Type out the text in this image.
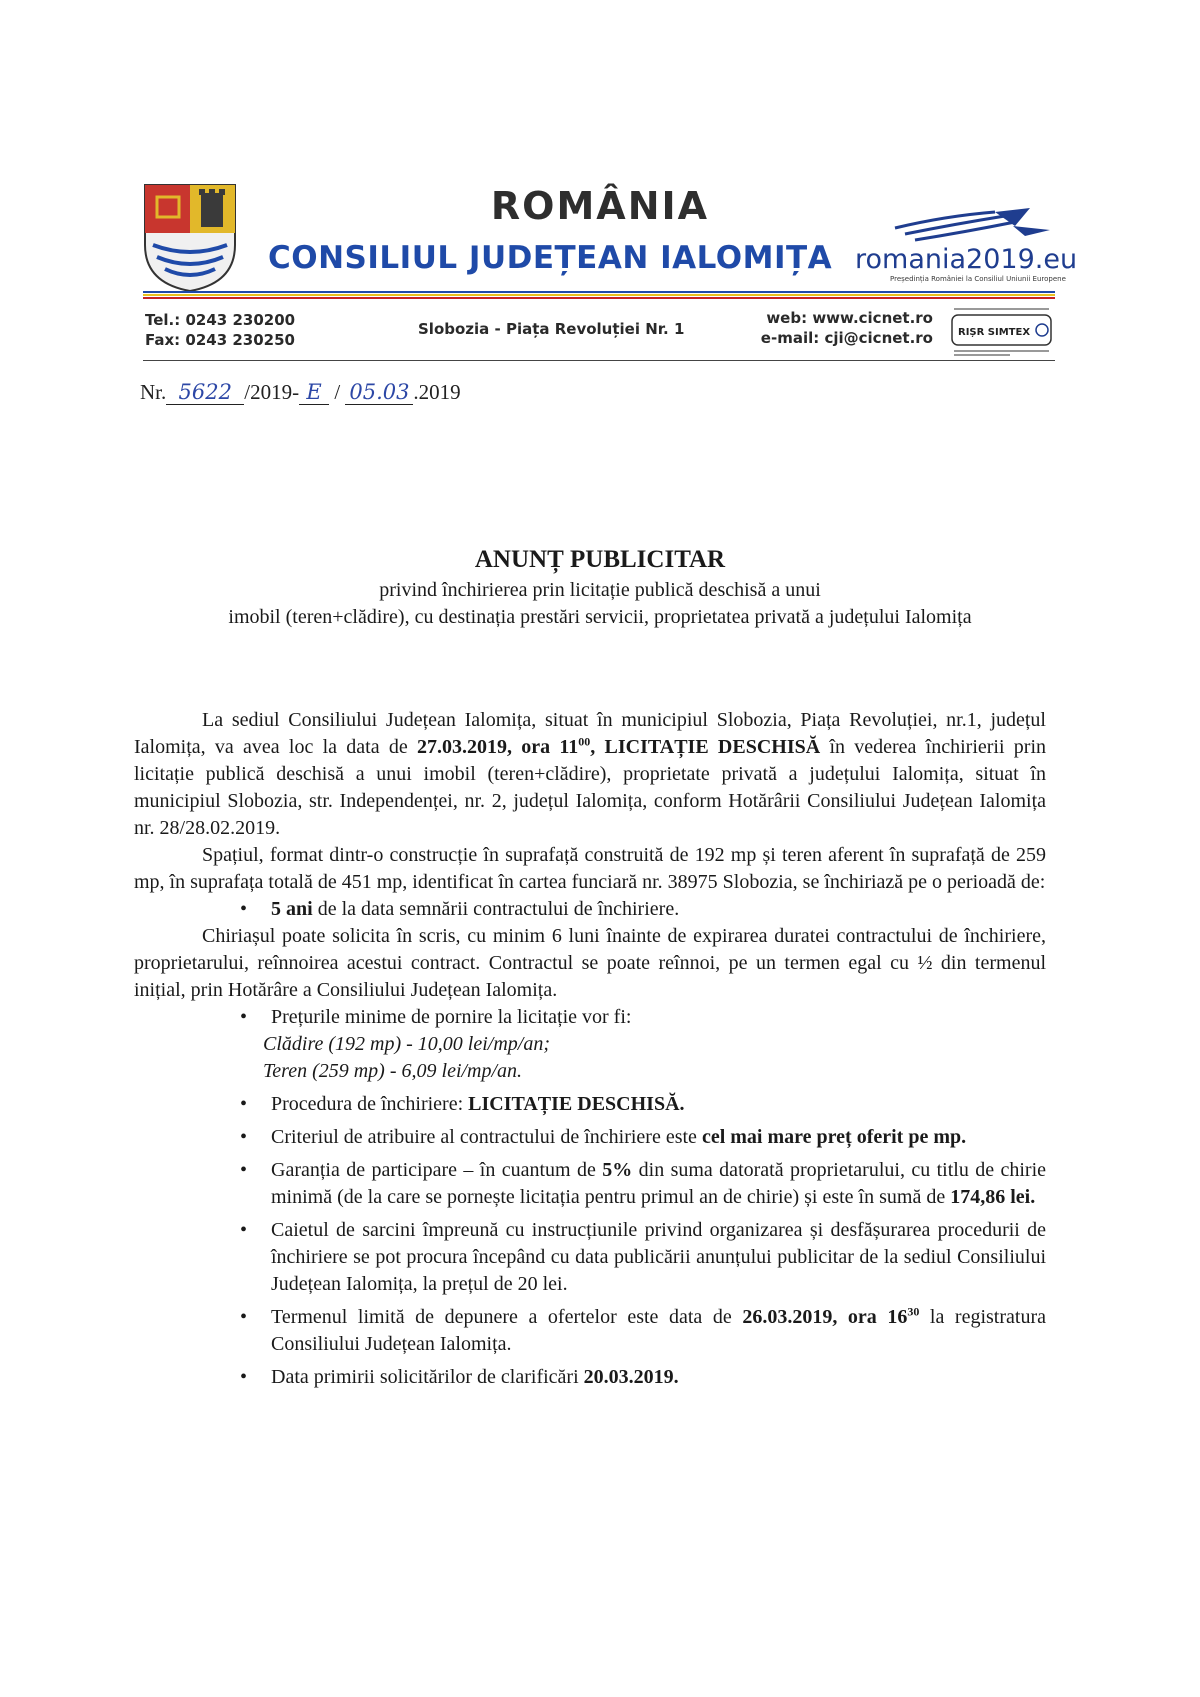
ROMÂNIA
CONSILIUL JUDEȚEAN IALOMIȚA romania2019.eu
Președinția României la Consiliul Uniunii Europene
Tel.: 0243 230200
Fax: 0243 230250
Slobozia - Piața Revoluției Nr. 1
web: www.cicnet.ro
e-mail: cji@cicnet.ro	RIȘR SIMTEX
Nr. 5622 /2019- E / 05.03 .2019
ANUNȚ PUBLICITAR
privind închirierea prin licitație publică deschisă a unui
imobil (teren+clădire), cu destinația prestări servicii, proprietatea privată a județului Ialomița

La sediul Consiliului Județean Ialomița, situat în municipiul Slobozia, Piața Revoluției, nr.1, județul Ialomița, va avea loc la data de 27.03.2019, ora $11^{00}$, LICITAȚIE DESCHISĂ în vederea închirierii prin licitație publică deschisă a unui imobil (teren+clădire), proprietate privată a județului Ialomița, situat în municipiul Slobozia, str. Independenței, nr. 2, județul Ialomița, conform Hotărârii Consiliului Județean Ialomița nr. 28/28.02.2019.

Spațiul, format dintr-o construcție în suprafață construită de 192 mp și teren aferent în suprafață de 259 mp, în suprafața totală de 451 mp, identificat în cartea funciară nr. 38975 Slobozia, se închiriază pe o perioadă de:

• 5 ani de la data semnării contractului de închiriere.

Chiriașul poate solicita în scris, cu minim 6 luni înainte de expirarea duratei contractului de închiriere, proprietarului, reînnoirea acestui contract. Contractul se poate reînnoi, pe un termen egal cu ½ din termenul inițial, prin Hotărâre a Consiliului Județean Ialomița.

• Prețurile minime de pornire la licitație vor fi:
Clădire (192 mp) - 10,00 lei/mp/an;
Teren (259 mp) - 6,09 lei/mp/an.
• Procedura de închiriere: LICITAȚIE DESCHISĂ.
• Criteriul de atribuire al contractului de închiriere este cel mai mare preț oferit pe mp.
• Garanția de participare – în cuantum de 5% din suma datorată proprietarului, cu titlu de chirie minimă (de la care se pornește licitația pentru primul an de chirie) și este în sumă de 174,86 lei.
• Caietul de sarcini împreună cu instrucțiunile privind organizarea și desfășurarea procedurii de închiriere se pot procura începând cu data publicării anunțului publicitar de la sediul Consiliului Județean Ialomița, la prețul de 20 lei.
• Termenul limită de depunere a ofertelor este data de 26.03.2019, ora $16^{30}$ la registratura Consiliului Județean Ialomița.
• Data primirii solicitărilor de clarificări 20.03.2019.
